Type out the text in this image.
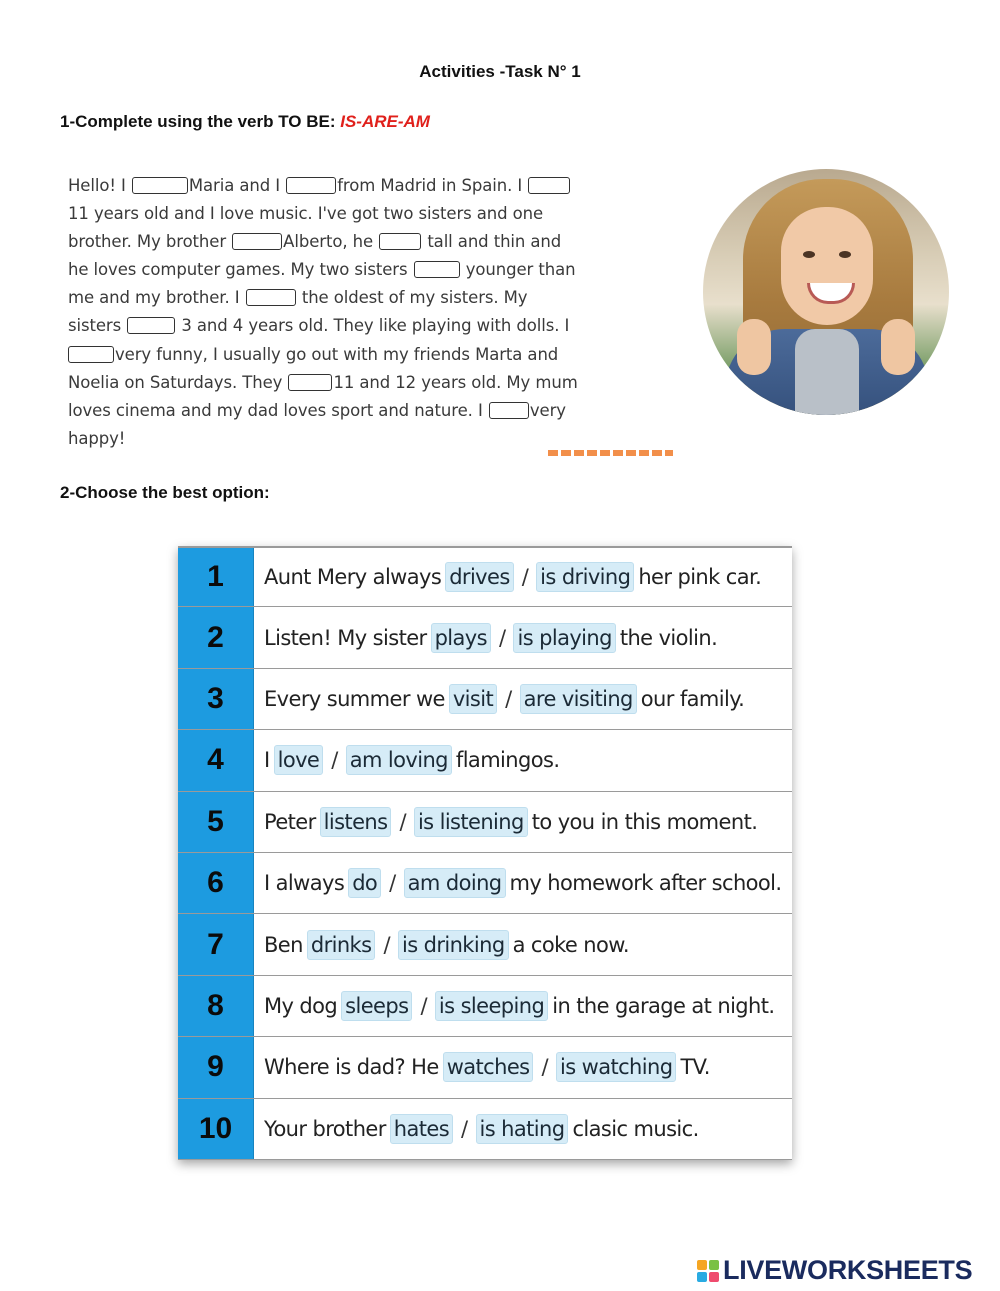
Activities -Task N° 1
1-Complete using the verb TO BE: IS-ARE-AM
Hello! I	Maria and I	from Madrid in Spain. I
11 years old and I love music. I've got two sisters and one
brother. My brother	Alberto, he	tall and thin and
he loves computer games. My two sisters	younger than
me and my brother. I	the oldest of my sisters. My
sisters	3 and 4 years old. They like playing with dolls. I
very funny, I usually go out with my friends Marta and
Noelia on Saturdays. They	11 and 12 years old. My mum
loves cinema and my dad loves sport and nature. I	very
happy!
2-Choose the best option:
1	Aunt Mery always drives / is driving her pink car.
2	Listen! My sister plays / is playing the violin.
3	Every summer we visit / are visiting our family.
4	I love / am loving flamingos.
5	Peter listens / is listening to you in this moment.
6	I always do / am doing my homework after school.
7	Ben drinks / is drinking a coke now.
8	My dog sleeps / is sleeping in the garage at night.
9	Where is dad? He watches / is watching TV.
10	Your brother hates / is hating clasic music.
LIVEWORKSHEETS
